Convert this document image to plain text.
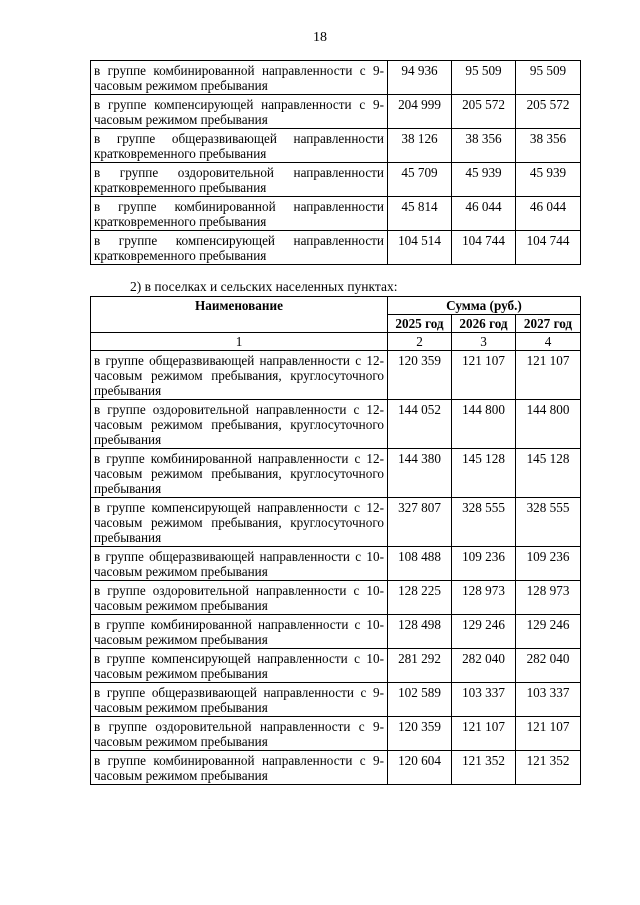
18
в группе комбинированной направленности с 9-часовым режимом пребывания	94 936	95 509	95 509
в группе компенсирующей направленности с 9-часовым режимом пребывания	204 999	205 572	205 572
в группе общеразвивающей направленности кратковременного пребывания	38 126	38 356	38 356
в группе оздоровительной направленности кратковременного пребывания	45 709	45 939	45 939
в группе комбинированной направленности кратковременного пребывания	45 814	46 044	46 044
в группе компенсирующей направленности кратковременного пребывания	104 514	104 744	104 744
2) в поселках и сельских населенных пунктах:
Наименование	Сумма (руб.)		
	2025 год	2026 год	2027 год
1	2	3	4
в группе общеразвивающей направленности с 12-часовым режимом пребывания, круглосуточного пребывания	120 359	121 107	121 107
в группе оздоровительной направленности с 12-часовым режимом пребывания, круглосуточного пребывания	144 052	144 800	144 800
в группе комбинированной направленности с 12-часовым режимом пребывания, круглосуточного пребывания	144 380	145 128	145 128
в группе компенсирующей направленности с 12-часовым режимом пребывания, круглосуточного пребывания	327 807	328 555	328 555
в группе общеразвивающей направленности с 10-часовым режимом пребывания	108 488	109 236	109 236
в группе оздоровительной направленности с 10-часовым режимом пребывания	128 225	128 973	128 973
в группе комбинированной направленности с 10-часовым режимом пребывания	128 498	129 246	129 246
в группе компенсирующей направленности с 10-часовым режимом пребывания	281 292	282 040	282 040
в группе общеразвивающей направленности с 9-часовым режимом пребывания	102 589	103 337	103 337
в группе оздоровительной направленности с 9-часовым режимом пребывания	120 359	121 107	121 107
в группе комбинированной направленности с 9-часовым режимом пребывания	120 604	121 352	121 352
